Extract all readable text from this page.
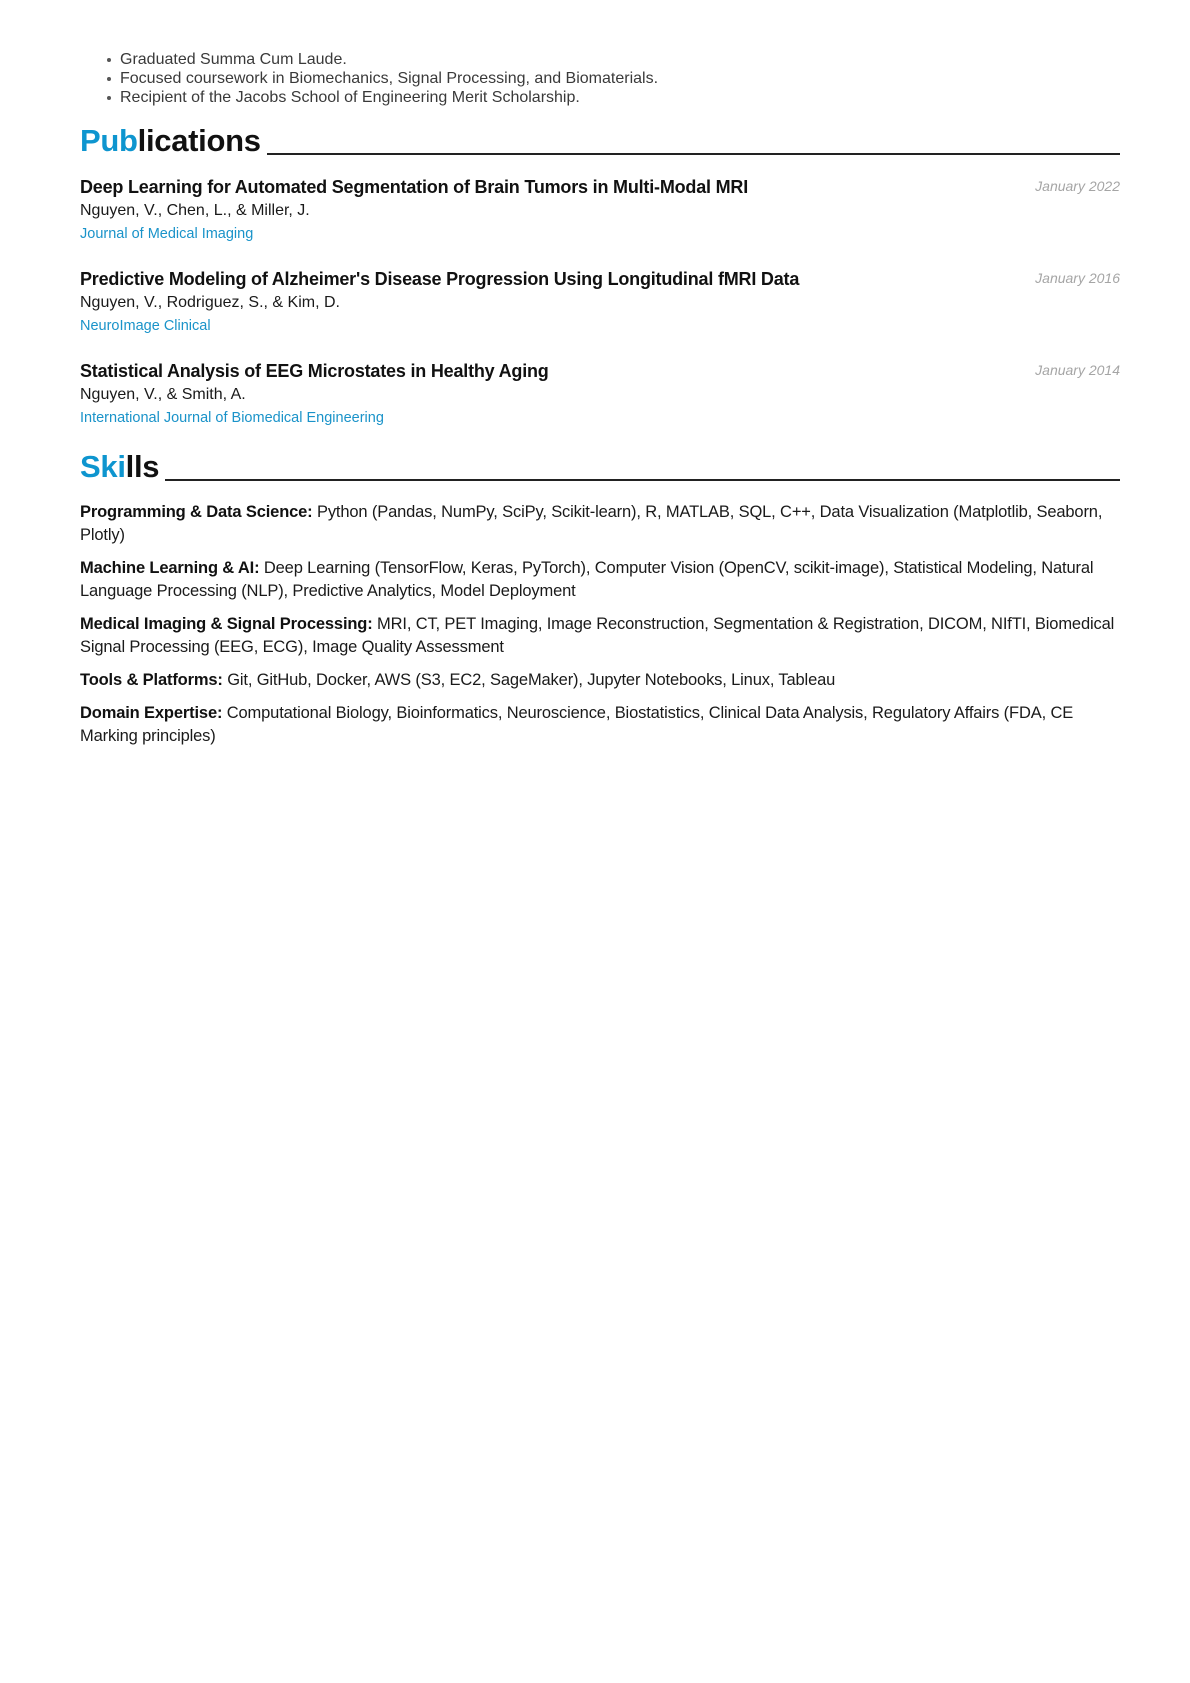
Graduated Summa Cum Laude.
Focused coursework in Biomechanics, Signal Processing, and Biomaterials.
Recipient of the Jacobs School of Engineering Merit Scholarship.
Publications
Deep Learning for Automated Segmentation of Brain Tumors in Multi-Modal MRI	January 2022
Nguyen, V., Chen, L., & Miller, J.
Journal of Medical Imaging
Predictive Modeling of Alzheimer's Disease Progression Using Longitudinal fMRI Data	January 2016
Nguyen, V., Rodriguez, S., & Kim, D.
NeuroImage Clinical
Statistical Analysis of EEG Microstates in Healthy Aging	January 2014
Nguyen, V., & Smith, A.
International Journal of Biomedical Engineering
Skills
Programming & Data Science: Python (Pandas, NumPy, SciPy, Scikit-learn), R, MATLAB, SQL, C++, Data Visualization (Matplotlib, Seaborn, Plotly)
Machine Learning & AI: Deep Learning (TensorFlow, Keras, PyTorch), Computer Vision (OpenCV, scikit-image), Statistical Modeling, Natural Language Processing (NLP), Predictive Analytics, Model Deployment
Medical Imaging & Signal Processing: MRI, CT, PET Imaging, Image Reconstruction, Segmentation & Registration, DICOM, NIfTI, Biomedical Signal Processing (EEG, ECG), Image Quality Assessment
Tools & Platforms: Git, GitHub, Docker, AWS (S3, EC2, SageMaker), Jupyter Notebooks, Linux, Tableau
Domain Expertise: Computational Biology, Bioinformatics, Neuroscience, Biostatistics, Clinical Data Analysis, Regulatory Affairs (FDA, CE Marking principles)
